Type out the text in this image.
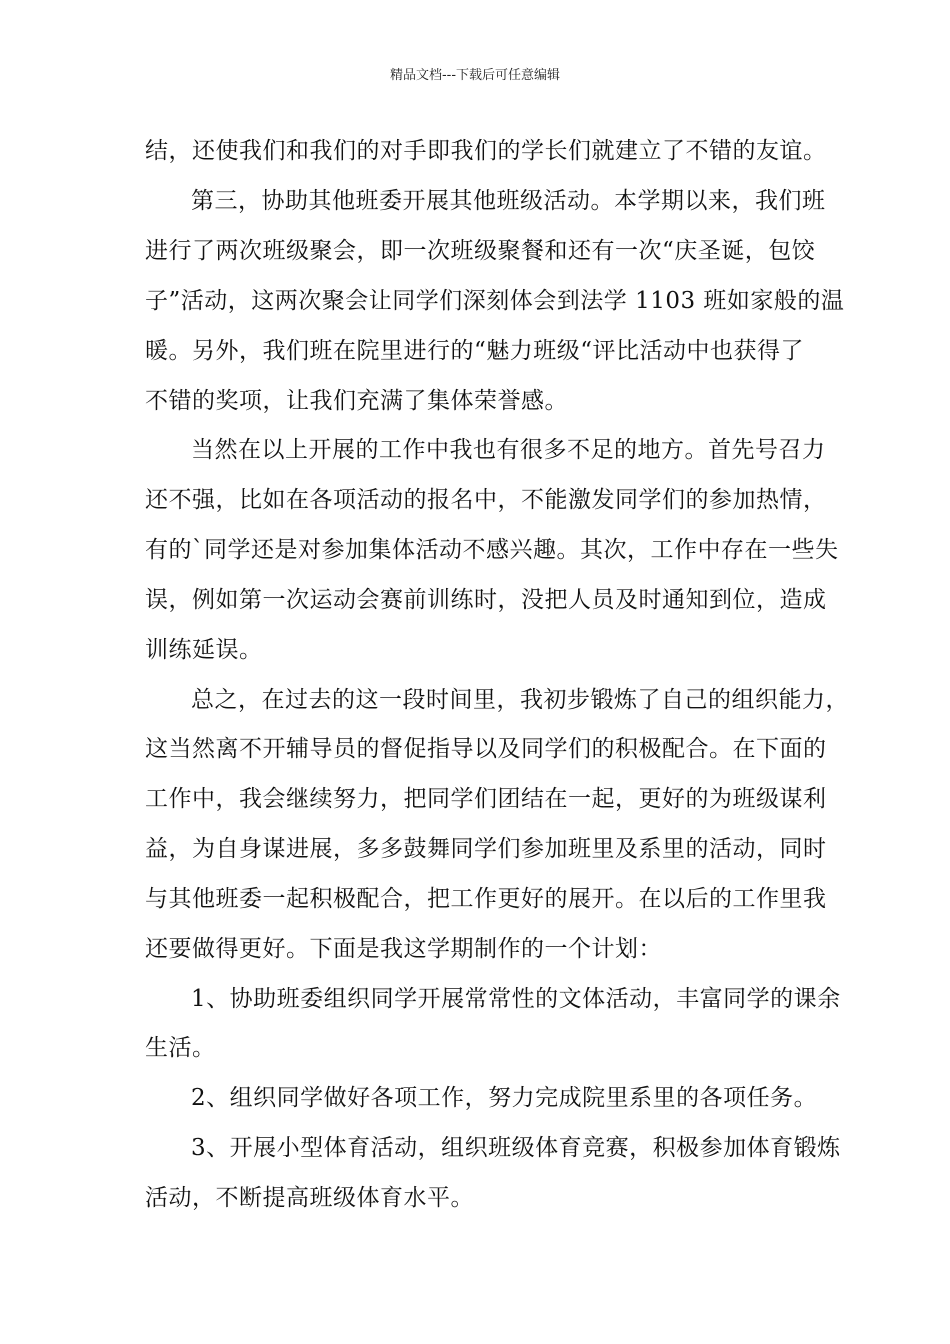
精品文档---下载后可任意编辑
结，还使我们和我们的对手即我们的学长们就建立了不错的友谊。
第三，协助其他班委开展其他班级活动。本学期以来，我们班
进行了两次班级聚会，即一次班级聚餐和还有一次“庆圣诞，包饺
子”活动，这两次聚会让同学们深刻体会到法学 1103 班如家般的温
暖。另外，我们班在院里进行的“魅力班级“评比活动中也获得了
不错的奖项，让我们充满了集体荣誉感。
当然在以上开展的工作中我也有很多不足的地方。首先号召力
还不强，比如在各项活动的报名中，不能激发同学们的参加热情，
有的`同学还是对参加集体活动不感兴趣。其次，工作中存在一些失
误，例如第一次运动会赛前训练时，没把人员及时通知到位，造成
训练延误。
总之，在过去的这一段时间里，我初步锻炼了自己的组织能力，
这当然离不开辅导员的督促指导以及同学们的积极配合。在下面的
工作中，我会继续努力，把同学们团结在一起，更好的为班级谋利
益，为自身谋进展，多多鼓舞同学们参加班里及系里的活动，同时
与其他班委一起积极配合，把工作更好的展开。在以后的工作里我
还要做得更好。下面是我这学期制作的一个计划：
1、协助班委组织同学开展常常性的文体活动，丰富同学的课余
生活。
2、组织同学做好各项工作，努力完成院里系里的各项任务。
3、开展小型体育活动，组织班级体育竞赛，积极参加体育锻炼
活动，不断提高班级体育水平。
